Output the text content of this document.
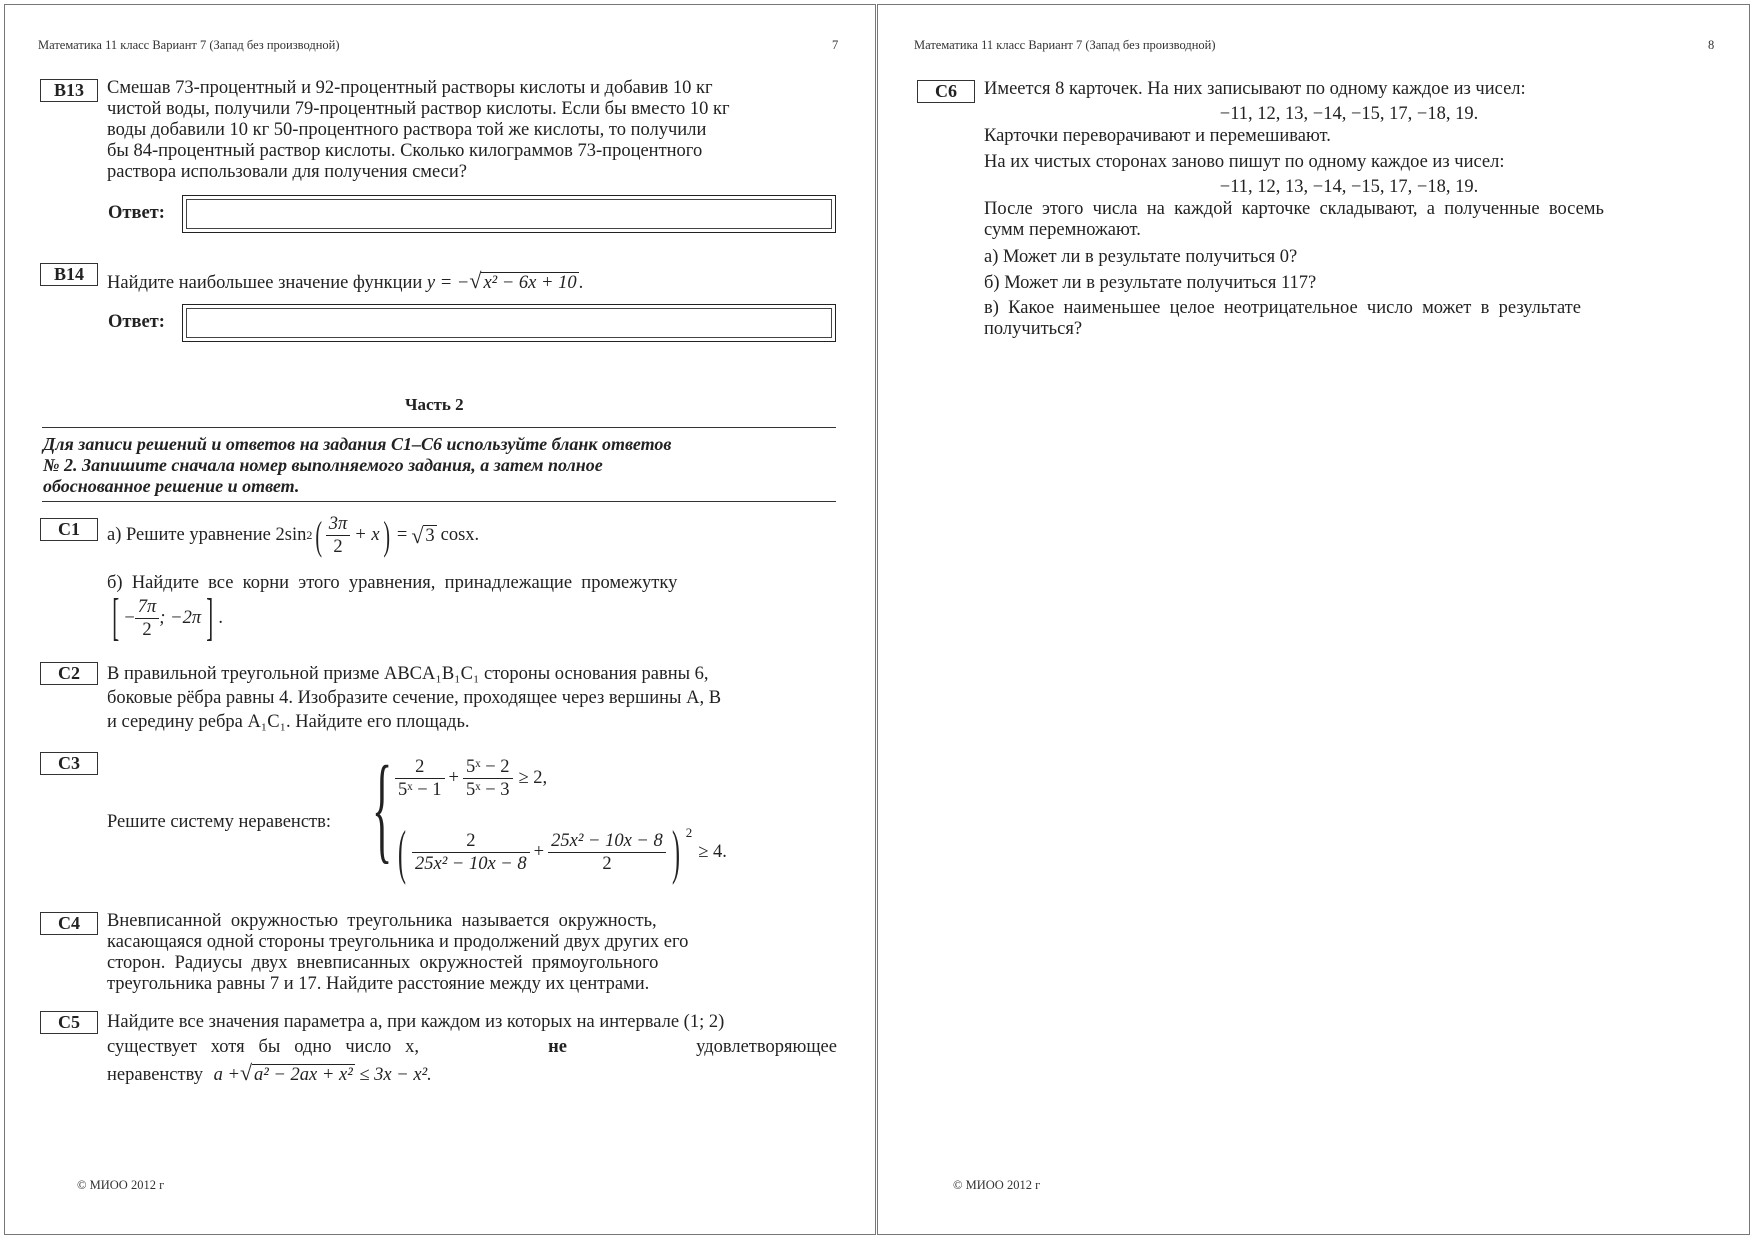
Математика 11 класс Вариант 7 (Запад без производной)	7
B13	Смешав 73-процентный и 92-процентный растворы кислоты и добавив 10 кг
чистой воды, получили 79-процентный раствор кислоты. Если бы вместо 10 кг
воды добавили 10 кг 50-процентного раствора той же кислоты, то получили
бы 84-процентный раствор кислоты. Сколько килограммов 73-процентного
раствора использовали для получения смеси?
Ответ:
B14	Найдите наибольшее значение функции y = −√ x² − 6x + 10 .
Ответ:
Часть 2
Для записи решений и ответов на задания С1–С6 используйте бланк ответов
№ 2. Запишите сначала номер выполняемого задания, а затем полное
обоснованное решение и ответ.
C1	а) Решите уравнение 2sin 2 ( $\frac{3\pi}{2} + x$ ) = √ 3 cosx.
б)  Найдите  все  корни  этого  уравнения,  принадлежащие  промежутку
[ − $\frac{7\pi}{2}$ ; −2π ] .
C2	В правильной треугольной призме ABCA₁B₁C₁ стороны основания равны 6,
боковые рёбра равны 4. Изобразите сечение, проходящее через вершины A, B
и середину ребра A₁C₁. Найдите его площадь.
C3
Решите систему неравенств: { $\frac{2}{\text{5ˣ − 1}} + \frac{\text{5ˣ − 2}}{\text{5ˣ − 3}} \ge 2$,
( $\frac{2}{\text{25x² − 10x − 8}} + \frac{\text{25x² − 10x − 8}}{2}$ ) $^2$
≥ 4.
C4	Вневписанной  окружностью  треугольника  называется  окружность,
касающаяся одной стороны треугольника и продолжений двух других его
сторон.  Радиусы  двух  вневписанных  окружностей  прямоугольного
треугольника равны 7 и 17. Найдите расстояние между их центрами.
C5	Найдите все значения параметра a, при каждом из которых на интервале (1; 2)
существует   хотя   бы   одно   число   x,	не	удовлетворяющее
неравенству a +√ a² − 2ax + x² ≤ 3x − x².
© МИОО 2012 г
Математика 11 класс Вариант 7 (Запад без производной)	8
C6	Имеется 8 карточек. На них записывают по одному каждое из чисел:
−11, 12, 13, −14, −15, 17, −18, 19.
Карточки переворачивают и перемешивают.
На их чистых сторонах заново пишут по одному каждое из чисел:
−11, 12, 13, −14, −15, 17, −18, 19.
После  этого  числа  на  каждой  карточке  складывают,  а  полученные  восемь
сумм перемножают.
а) Может ли в результате получиться 0?
б) Может ли в результате получиться 117?
в)  Какое  наименьшее  целое  неотрицательное  число  может  в  результате
получиться?
© МИОО 2012 г
